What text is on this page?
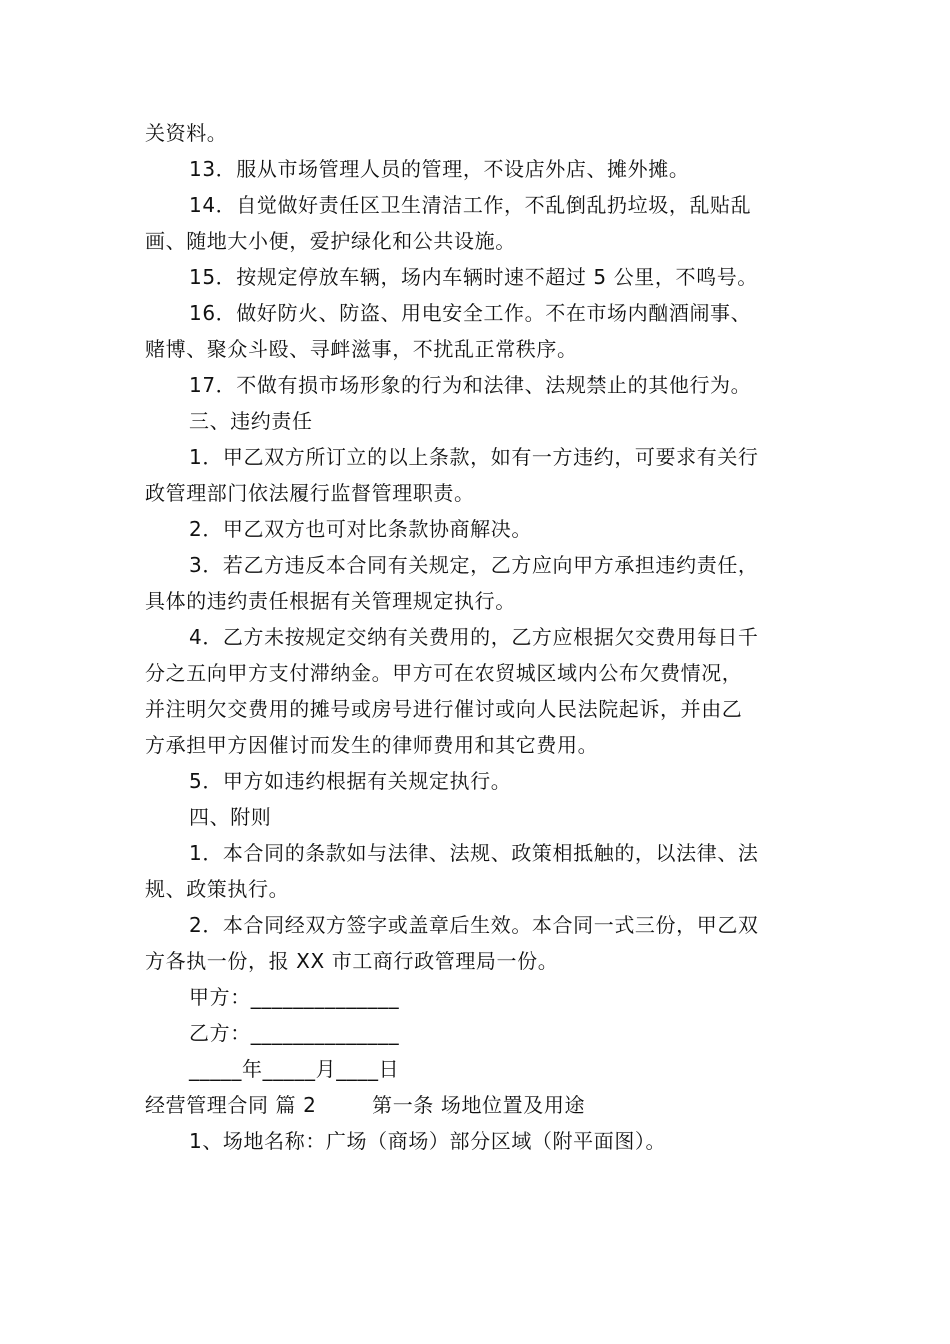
关资料。
13．服从市场管理人员的管理，不设店外店、摊外摊。
14．自觉做好责任区卫生清洁工作，不乱倒乱扔垃圾，乱贴乱
画、随地大小便，爱护绿化和公共设施。
15．按规定停放车辆，场内车辆时速不超过 5 公里，不鸣号。
16．做好防火、防盗、用电安全工作。不在市场内酗酒闹事、
赌博、聚众斗殴、寻衅滋事，不扰乱正常秩序。
17．不做有损市场形象的行为和法律、法规禁止的其他行为。
三、违约责任
1．甲乙双方所订立的以上条款，如有一方违约，可要求有关行
政管理部门依法履行监督管理职责。
2．甲乙双方也可对比条款协商解决。
3．若乙方违反本合同有关规定，乙方应向甲方承担违约责任，
具体的违约责任根据有关管理规定执行。
4．乙方未按规定交纳有关费用的，乙方应根据欠交费用每日千
分之五向甲方支付滞纳金。甲方可在农贸城区域内公布欠费情况，
并注明欠交费用的摊号或房号进行催讨或向人民法院起诉，并由乙
方承担甲方因催讨而发生的律师费用和其它费用。
5．甲方如违约根据有关规定执行。
四、附则
1．本合同的条款如与法律、法规、政策相抵触的，以法律、法
规、政策执行。
2．本合同经双方签字或盖章后生效。本合同一式三份，甲乙双
方各执一份，报 XX 市工商行政管理局一份。
甲方：______________
乙方：______________
_____年_____月____日
经营管理合同 篇 2        第一条 场地位置及用途
1、场地名称：广场（商场）部分区域（附平面图）。
